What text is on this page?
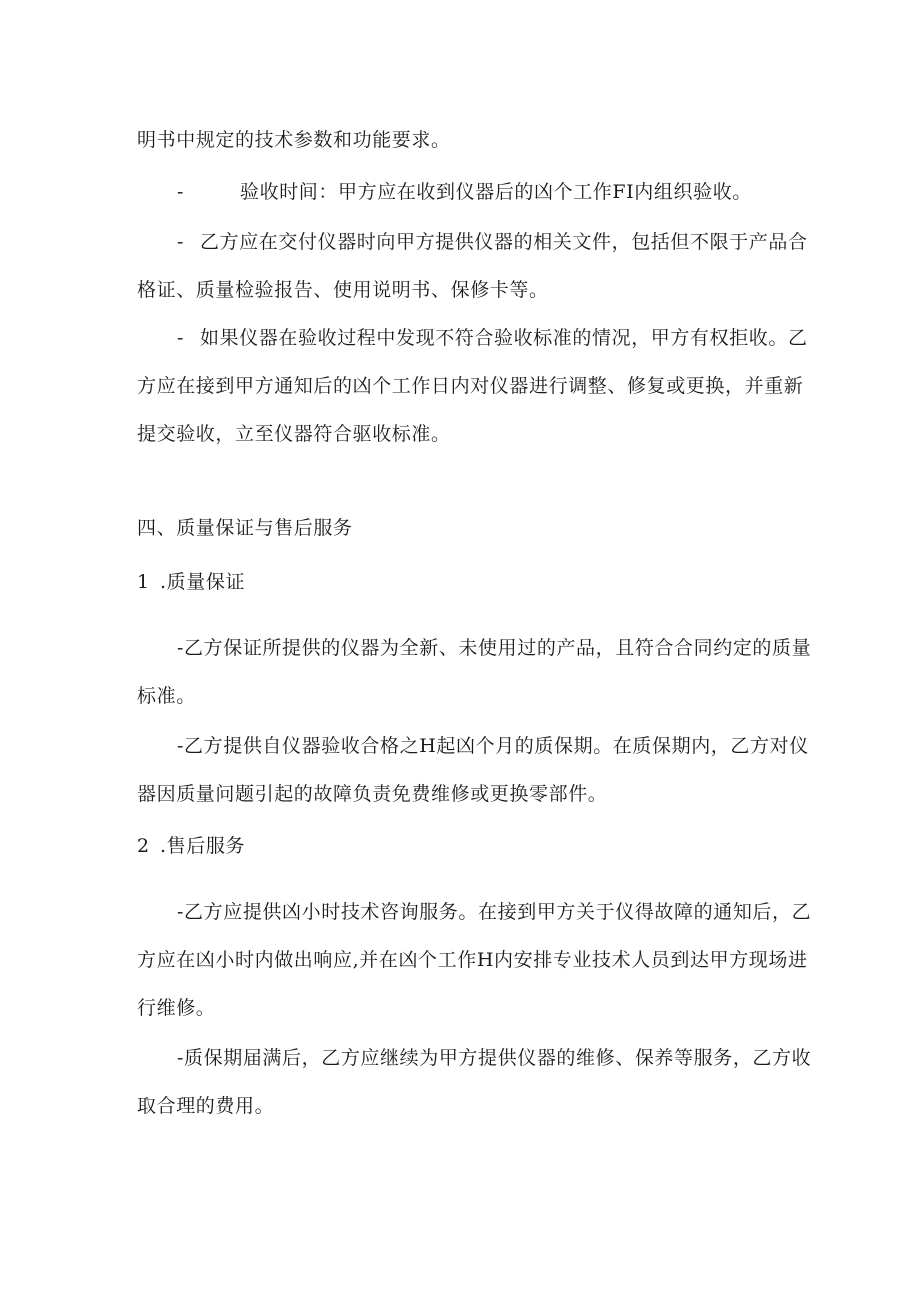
明书中规定的技术参数和功能要求。
-	验收时间：甲方应在收到仪器后的凶个工作FI内组织验收。
- 乙方应在交付仪器时向甲方提供仪器的相关文件，包括但不限于产品合
格证、质量检验报告、使用说明书、保修卡等。
- 如果仪器在验收过程中发现不符合验收标准的情况，甲方有权拒收。乙
方应在接到甲方通知后的凶个工作日内对仪器进行调整、修复或更换，并重新
提交验收，立至仪器符合驱收标准。
四、质量保证与售后服务
1 .质量保证
-乙方保证所提供的仪器为全新、未使用过的产品，且符合合同约定的质量
标准。
-乙方提供自仪器验收合格之H起凶个月的质保期。在质保期内，乙方对仪
器因质量问题引起的故障负责免费维修或更换零部件。
2 .售后服务
-乙方应提供凶小时技术咨询服务。在接到甲方关于仪得故障的通知后，乙
方应在凶小时内做出响应,并在凶个工作H内安排专业技术人员到达甲方现场进
行维修。
-质保期届满后，乙方应继续为甲方提供仪器的维修、保养等服务，乙方收
取合理的费用。
